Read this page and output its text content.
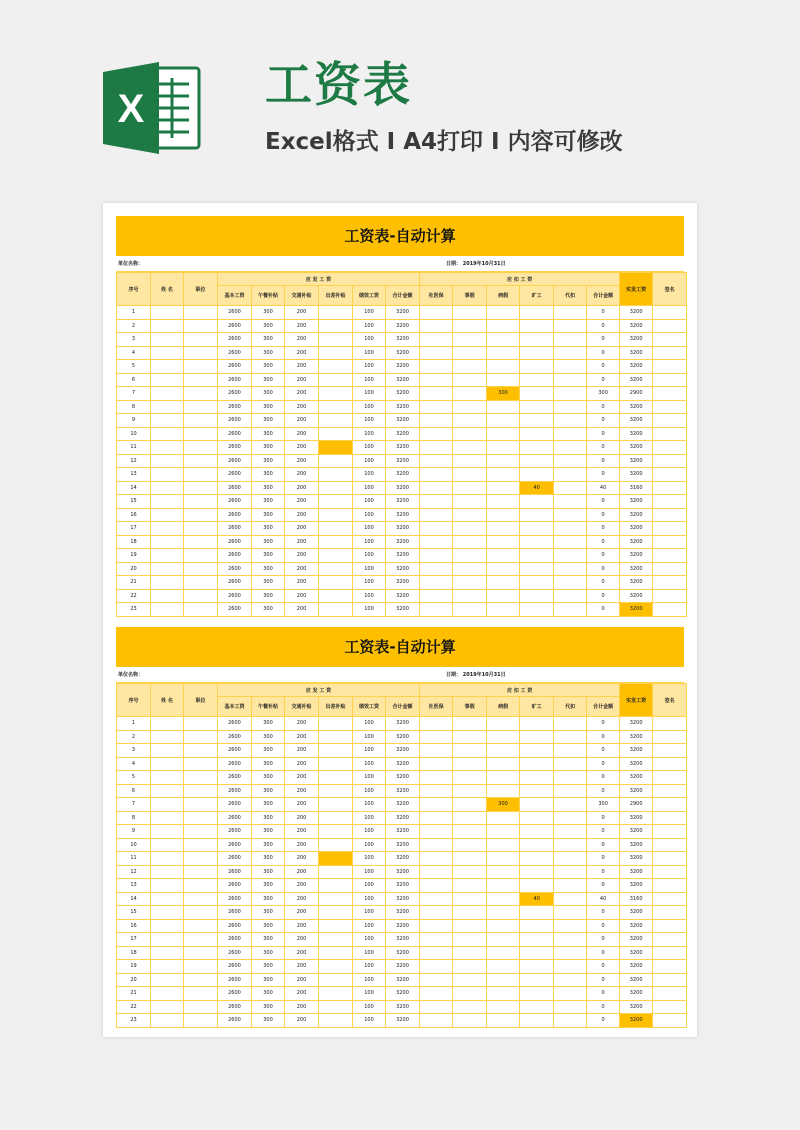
X	工资表
Excel格式 I A4打印 I 内容可修改
工资表-自动计算
单位名称：	日期： 2019年10月31日
序号	姓 名	职位	应 发 工 资						应 扣 工 资						实发工资	签名
			基本工资	午餐补贴	交通补贴	出差补贴	绩效工资	合计金额	社医保	事假	病假	旷工	代扣	合计金额		
1			2600	300	200		100	3200						0	3200	
2			2600	300	200		100	3200						0	3200	
3			2600	300	200		100	3200						0	3200	
4			2600	300	200		100	3200						0	3200	
5			2600	300	200		100	3200						0	3200	
6			2600	300	200		100	3200						0	3200	
7			2600	300	200		100	3200			300			300	2900	
8			2600	300	200		100	3200						0	3200	
9			2600	300	200		100	3200						0	3200	
10			2600	300	200		100	3200						0	3200	
11			2600	300	200		100	3200						0	3200	
12			2600	300	200		100	3200						0	3200	
13			2600	300	200		100	3200						0	3200	
14			2600	300	200		100	3200				40		40	3160	
15			2600	300	200		100	3200						0	3200	
16			2600	300	200		100	3200						0	3200	
17			2600	300	200		100	3200						0	3200	
18			2600	300	200		100	3200						0	3200	
19			2600	300	200		100	3200						0	3200	
20			2600	300	200		100	3200						0	3200	
21			2600	300	200		100	3200						0	3200	
22			2600	300	200		100	3200						0	3200	
23			2600	300	200		100	3200						0	3200	
工资表-自动计算
单位名称：	日期： 2019年10月31日
序号	姓 名	职位	应 发 工 资						应 扣 工 资						实发工资	签名
			基本工资	午餐补贴	交通补贴	出差补贴	绩效工资	合计金额	社医保	事假	病假	旷工	代扣	合计金额		
1			2600	300	200		100	3200						0	3200	
2			2600	300	200		100	3200						0	3200	
3			2600	300	200		100	3200						0	3200	
4			2600	300	200		100	3200						0	3200	
5			2600	300	200		100	3200						0	3200	
6			2600	300	200		100	3200						0	3200	
7			2600	300	200		100	3200			300			300	2900	
8			2600	300	200		100	3200						0	3200	
9			2600	300	200		100	3200						0	3200	
10			2600	300	200		100	3200						0	3200	
11			2600	300	200		100	3200						0	3200	
12			2600	300	200		100	3200						0	3200	
13			2600	300	200		100	3200						0	3200	
14			2600	300	200		100	3200				40		40	3160	
15			2600	300	200		100	3200						0	3200	
16			2600	300	200		100	3200						0	3200	
17			2600	300	200		100	3200						0	3200	
18			2600	300	200		100	3200						0	3200	
19			2600	300	200		100	3200						0	3200	
20			2600	300	200		100	3200						0	3200	
21			2600	300	200		100	3200						0	3200	
22			2600	300	200		100	3200						0	3200	
23			2600	300	200		100	3200						0	3200	
